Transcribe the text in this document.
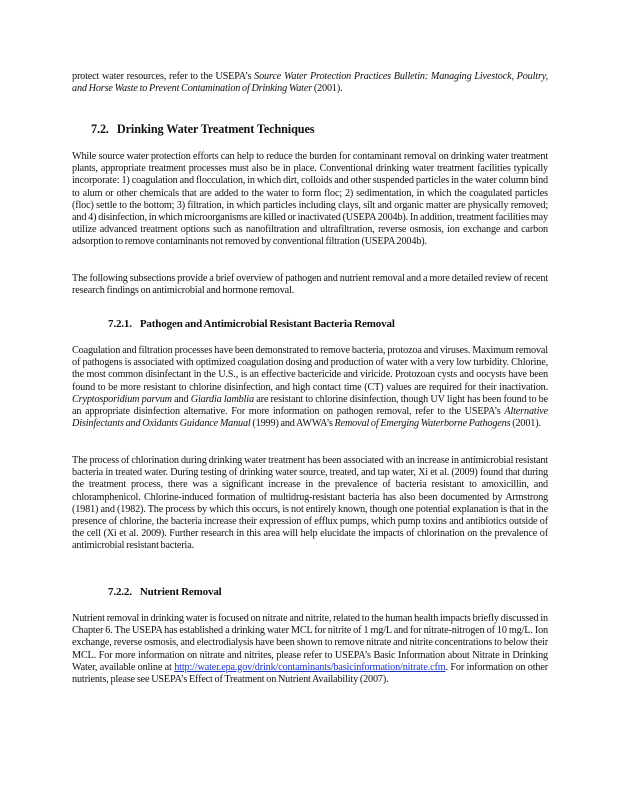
protect water resources, refer to the USEPA’s Source Water Protection Practices Bulletin: Managing Livestock, Poultry, and Horse Waste to Prevent Contamination of Drinking Water (2001).

7.2. Drinking Water Treatment Techniques

While source water protection efforts can help to reduce the burden for contaminant removal on drinking water treatment plants, appropriate treatment processes must also be in place. Conventional drinking water treatment facilities typically incorporate: 1) coagulation and flocculation, in which dirt, colloids and other suspended particles in the water column bind to alum or other chemicals that are added to the water to form floc; 2) sedimentation, in which the coagulated particles (floc) settle to the bottom; 3) filtration, in which particles including clays, silt and organic matter are physically removed; and 4) disinfection, in which microorganisms are killed or inactivated (USEPA 2004b). In addition, treatment facilities may utilize advanced treatment options such as nanofiltration and ultrafiltration, reverse osmosis, ion exchange and carbon adsorption to remove contaminants not removed by conventional filtration (USEPA 2004b).

The following subsections provide a brief overview of pathogen and nutrient removal and a more detailed review of recent research findings on antimicrobial and hormone removal.

7.2.1. Pathogen and Antimicrobial Resistant Bacteria Removal

Coagulation and filtration processes have been demonstrated to remove bacteria, protozoa and viruses. Maximum removal of pathogens is associated with optimized coagulation dosing and production of water with a very low turbidity. Chlorine, the most common disinfectant in the U.S., is an effective bactericide and viricide. Protozoan cysts and oocysts have been found to be more resistant to chlorine disinfection, and high contact time (CT) values are required for their inactivation. Cryptosporidium parvum and Giardia lamblia are resistant to chlorine disinfection, though UV light has been found to be an appropriate disinfection alternative. For more information on pathogen removal, refer to the USEPA’s Alternative Disinfectants and Oxidants Guidance Manual (1999) and AWWA’s Removal of Emerging Waterborne Pathogens (2001).

The process of chlorination during drinking water treatment has been associated with an increase in antimicrobial resistant bacteria in treated water. During testing of drinking water source, treated, and tap water, Xi et al. (2009) found that during the treatment process, there was a significant increase in the prevalence of bacteria resistant to amoxicillin, and chloramphenicol. Chlorine-induced formation of multidrug-resistant bacteria has also been documented by Armstrong (1981) and (1982). The process by which this occurs, is not entirely known, though one potential explanation is that in the presence of chlorine, the bacteria increase their expression of efflux pumps, which pump toxins and antibiotics outside of the cell (Xi et al. 2009). Further research in this area will help elucidate the impacts of chlorination on the prevalence of antimicrobial resistant bacteria.

7.2.2. Nutrient Removal

Nutrient removal in drinking water is focused on nitrate and nitrite, related to the human health impacts briefly discussed in Chapter 6. The USEPA has established a drinking water MCL for nitrite of 1 mg/L and for nitrate-nitrogen of 10 mg/L. Ion exchange, reverse osmosis, and electrodialysis have been shown to remove nitrate and nitrite concentrations to below their MCL. For more information on nitrate and nitrites, please refer to USEPA’s Basic Information about Nitrate in Drinking Water, available online at http://water.epa.gov/drink/contaminants/basicinformation/nitrate.cfm. For information on other nutrients, please see USEPA’s Effect of Treatment on Nutrient Availability (2007).
